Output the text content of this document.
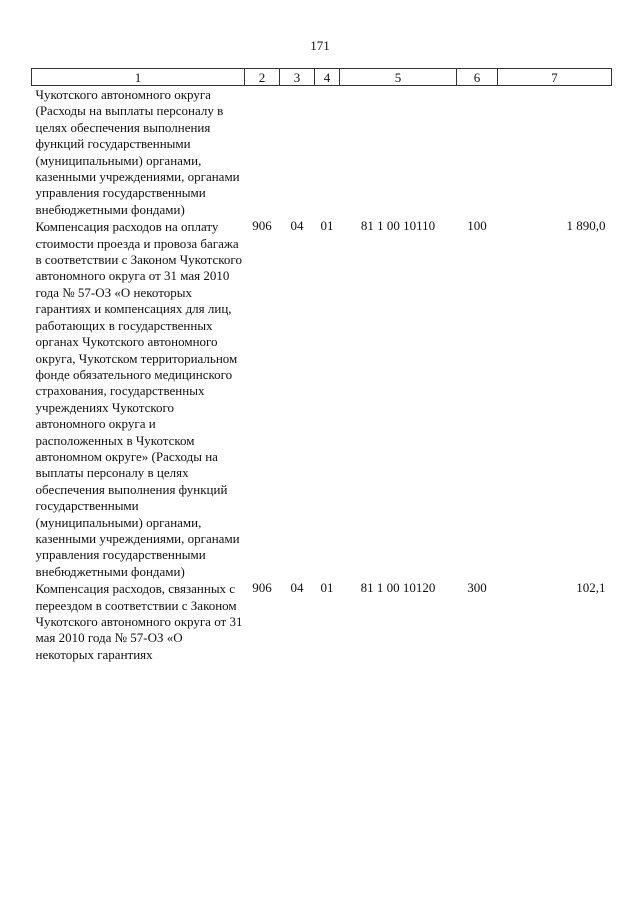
171
1	2	3	4	5	6	7
Чукотского автономного округа (Расходы на выплаты персоналу в целях обеспечения выполнения функций государственными (муниципальными) органами, казенными учреждениями, органами управления государственными внебюджетными фондами)						
Компенсация расходов на оплату стоимости проезда и провоза багажа в соответствии с Законом Чукотского автономного округа от 31 мая 2010 года № 57-ОЗ «О некоторых гарантиях и компенсациях для лиц, работающих в государственных органах Чукотского автономного округа, Чукотском территориальном фонде обязательного медицинского страхования, государственных учреждениях Чукотского автономного округа и расположенных в Чукотском автономном округе» (Расходы на выплаты персоналу в целях обеспечения выполнения функций государственными (муниципальными) органами, казенными учреждениями, органами управления государственными внебюджетными фондами)	906	04	01	81 1 00 10110	100	1 890,0
Компенсация расходов, связанных с переездом в соответствии с Законом Чукотского автономного округа от 31 мая 2010 года № 57-ОЗ «О некоторых гарантиях	906	04	01	81 1 00 10120	300	102,1
